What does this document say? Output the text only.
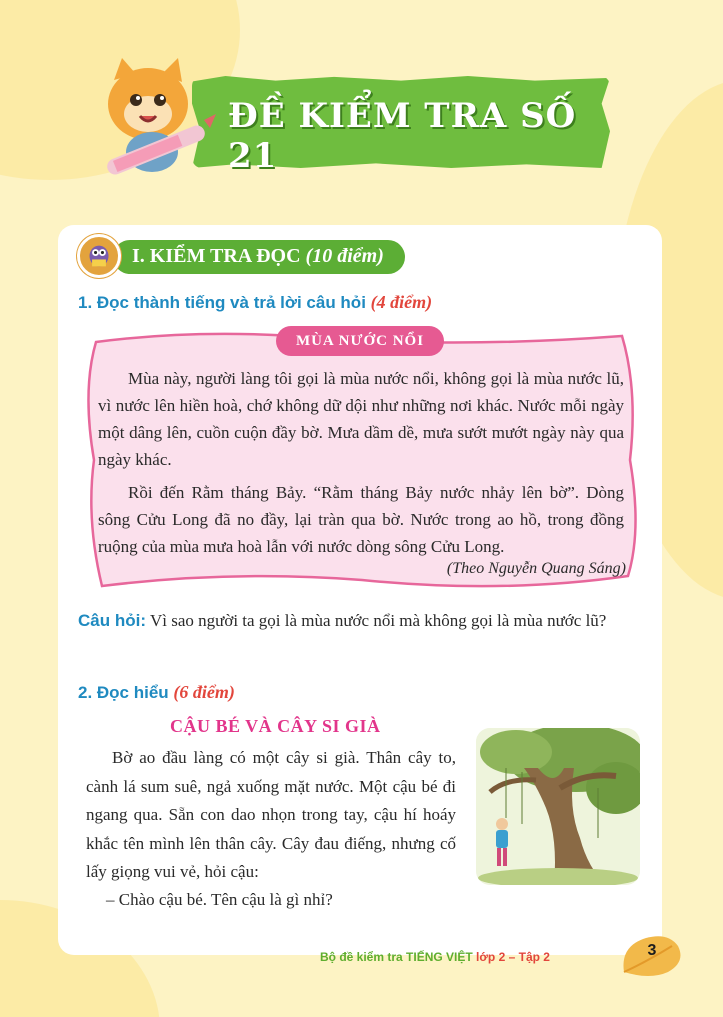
ĐỀ KIỂM TRA SỐ 21
I. KIỂM TRA ĐỌC (10 điểm)
1. Đọc thành tiếng và trả lời câu hỏi (4 điểm)
MÙA NƯỚC NỔI
Mùa này, người làng tôi gọi là mùa nước nổi, không gọi là mùa nước lũ, vì nước lên hiền hoà, chớ không dữ dội như những nơi khác. Nước mỗi ngày một dâng lên, cuồn cuộn đầy bờ. Mưa dầm dề, mưa sướt mướt ngày này qua ngày khác.
Rồi đến Rằm tháng Bảy. “Rằm tháng Bảy nước nhảy lên bờ”. Dòng sông Cửu Long đã no đầy, lại tràn qua bờ. Nước trong ao hồ, trong đồng ruộng của mùa mưa hoà lẫn với nước dòng sông Cửu Long.
(Theo Nguyễn Quang Sáng)
Câu hỏi: Vì sao người ta gọi là mùa nước nổi mà không gọi là mùa nước lũ?
2. Đọc hiểu (6 điểm)
CẬU BÉ VÀ CÂY SI GIÀ

Bờ ao đầu làng có một cây si già. Thân cây to, cành lá sum suê, ngả xuống mặt nước. Một cậu bé đi ngang qua. Sẵn con dao nhọn trong tay, cậu hí hoáy khắc tên mình lên thân cây. Cây đau điếng, nhưng cố lấy giọng vui vẻ, hỏi cậu:

– Chào cậu bé. Tên cậu là gì nhỉ?
Bộ đề kiểm tra TIẾNG VIỆT lớp 2 – Tập 2	3
